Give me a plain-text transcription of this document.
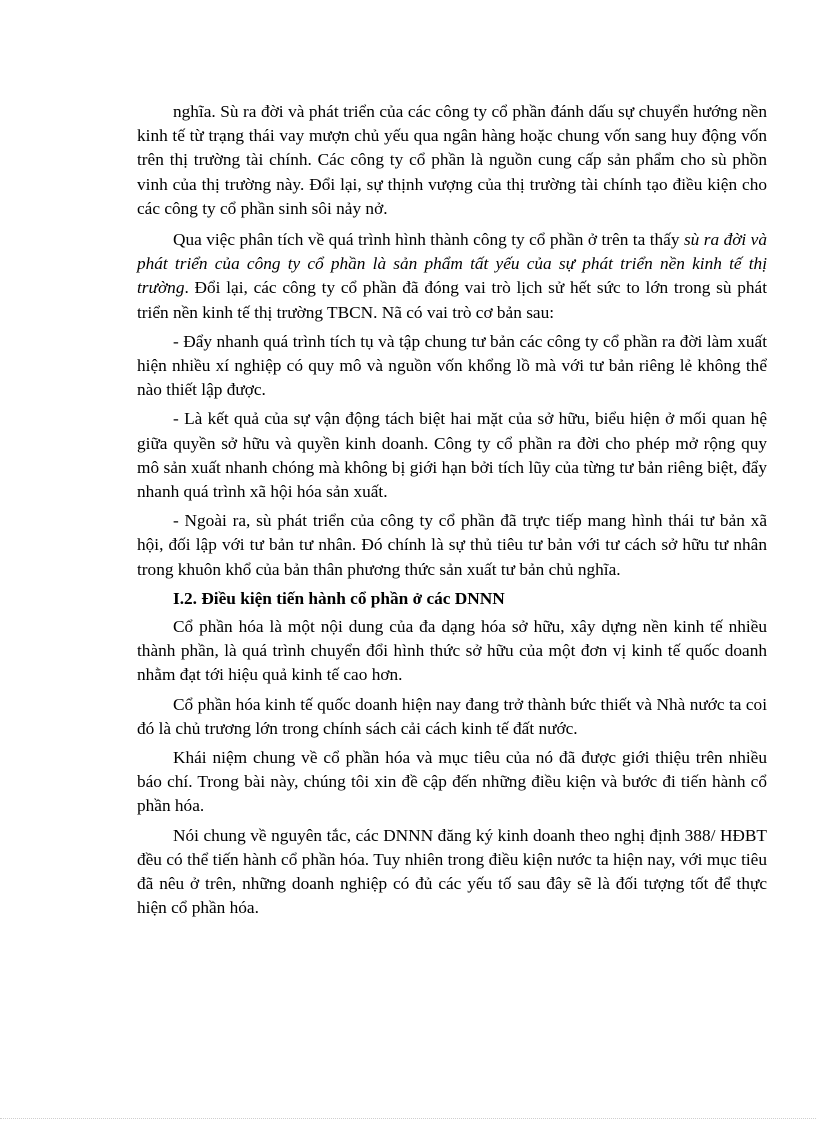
nghĩa. Sù ra đời và phát triển của các công ty cổ phần đánh dấu sự chuyển hướng nền kinh tế từ trạng thái vay mượn chủ yếu qua ngân hàng hoặc chung vốn sang huy động vốn trên thị trường tài chính. Các công ty cổ phần là nguồn cung cấp sản phẩm cho sù phồn vinh của thị trường này. Đổi lại, sự thịnh vượng của thị trường tài chính tạo điều kiện cho các công ty cổ phần sinh sôi nảy nở.

Qua việc phân tích về quá trình hình thành công ty cổ phần ở trên ta thấy sù ra đời và phát triển của công ty cổ phần là sản phẩm tất yếu của sự phát triển nền kinh tế thị trường. Đổi lại, các công ty cổ phần đã đóng vai trò lịch sử hết sức to lớn trong sù phát triển nền kinh tế thị trường TBCN. Nã có vai trò cơ bản sau:

- Đẩy nhanh quá trình tích tụ và tập chung tư bản các công ty cổ phần ra đời làm xuất hiện nhiều xí nghiệp có quy mô và nguồn vốn khổng lồ mà với tư bản riêng lẻ không thể nào thiết lập được.

- Là kết quả của sự vận động tách biệt hai mặt của sở hữu, biểu hiện ở mối quan hệ giữa quyền sở hữu và quyền kinh doanh. Công ty cổ phần ra đời cho phép mở rộng quy mô sản xuất nhanh chóng mà không bị giới hạn bởi tích lũy của từng tư bản riêng biệt, đẩy nhanh quá trình xã hội hóa sản xuất.

- Ngoài ra, sù phát triển của công ty cổ phần đã trực tiếp mang hình thái tư bản xã hội, đối lập với tư bản tư nhân. Đó chính là sự thủ tiêu tư bản với tư cách sở hữu tư nhân trong khuôn khổ của bản thân phương thức sản xuất tư bản chủ nghĩa.

I.2. Điều kiện tiến hành cổ phần ở các DNNN

Cổ phần hóa là một nội dung của đa dạng hóa sở hữu, xây dựng nền kinh tế nhiều thành phần, là quá trình chuyển đổi hình thức sở hữu của một đơn vị kinh tế quốc doanh nhằm đạt tới hiệu quả kinh tế cao hơn.

Cổ phần hóa kinh tế quốc doanh hiện nay đang trở thành bức thiết và Nhà nước ta coi đó là chủ trương lớn trong chính sách cải cách kinh tế đất nước.

Khái niệm chung về cổ phần hóa và mục tiêu của nó đã được giới thiệu trên nhiều báo chí. Trong bài này, chúng tôi xin đề cập đến những điều kiện và bước đi tiến hành cổ phần hóa.

Nói chung về nguyên tắc, các DNNN đăng ký kinh doanh theo nghị định 388/ HĐBT đều có thể tiến hành cổ phần hóa. Tuy nhiên trong điều kiện nước ta hiện nay, với mục tiêu đã nêu ở trên, những doanh nghiệp có đủ các yếu tố sau đây sẽ là đối tượng tốt để thực hiện cổ phần hóa.
